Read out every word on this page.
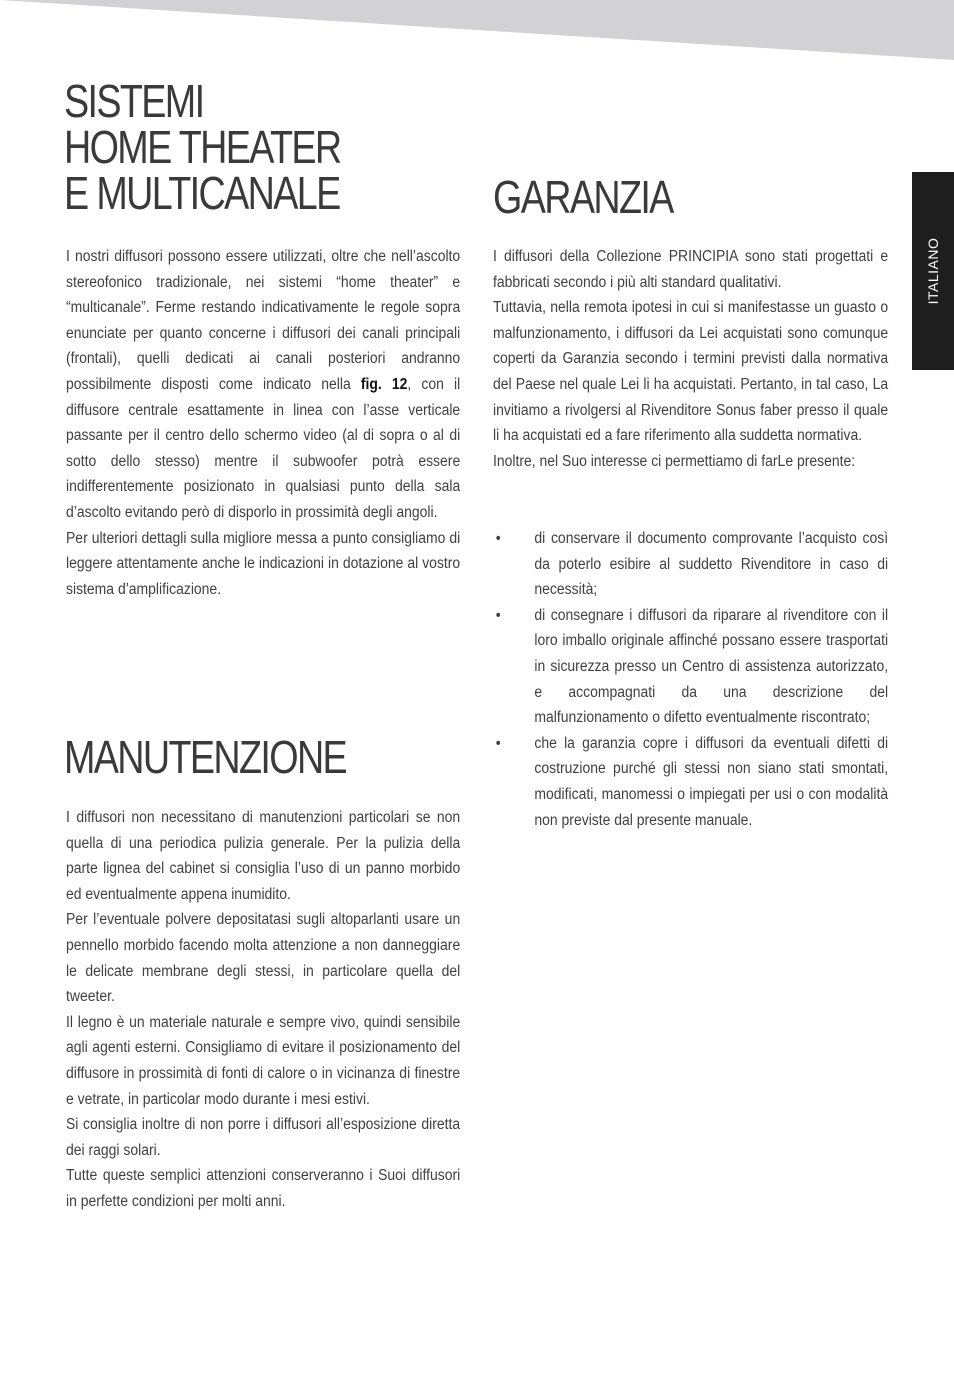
ITALIANO
SISTEMI
HOME THEATER
E MULTICANALE

I nostri diffusori possono essere utilizzati, oltre che nell’ascolto stereofonico tradizionale, nei sistemi “home theater” e “multicanale”. Ferme restando indicativamente le regole sopra enunciate per quanto concerne i diffusori dei canali principali (frontali), quelli dedicati ai canali posteriori andranno possibilmente disposti come indicato nella fig. 12, con il diffusore centrale esattamente in linea con l’asse verticale passante per il centro dello schermo video (al di sopra o al di sotto dello stesso) mentre il subwoofer potrà essere indifferentemente posizionato in qualsiasi punto della sala d’ascolto evitando però di disporlo in prossimità degli angoli.

Per ulteriori dettagli sulla migliore messa a punto consigliamo di leggere attentamente anche le indicazioni in dotazione al vostro sistema d’amplificazione.

MANUTENZIONE

I diffusori non necessitano di manutenzioni particolari se non quella di una periodica pulizia generale. Per la pulizia della parte lignea del cabinet si consiglia l’uso di un panno morbido ed eventualmente appena inumidito.

Per l’eventuale polvere depositatasi sugli altoparlanti usare un pennello morbido facendo molta attenzione a non danneggiare le delicate membrane degli stessi, in particolare quella del tweeter.

Il legno è un materiale naturale e sempre vivo, quindi sensibile agli agenti esterni. Consigliamo di evitare il posizionamento del diffusore in prossimità di fonti di calore o in vicinanza di finestre e vetrate, in particolar modo durante i mesi estivi.

Si consiglia inoltre di non porre i diffusori all’esposizione diretta dei raggi solari.

Tutte queste semplici attenzioni conserveranno i Suoi diffusori in perfette condizioni per molti anni.

GARANZIA

I diffusori della Collezione PRINCIPIA sono stati progettati e fabbricati secondo i più alti standard qualitativi.

Tuttavia, nella remota ipotesi in cui si manifestasse un guasto o malfunzionamento, i diffusori da Lei acquistati sono comunque coperti da Garanzia secondo i termini previsti dalla normativa del Paese nel quale Lei li ha acquistati. Pertanto, in tal caso, La invitiamo a rivolgersi al Rivenditore Sonus faber presso il quale li ha acquistati ed a fare riferimento alla suddetta normativa.

Inoltre, nel Suo interesse ci permettiamo di farLe presente:

• di conservare il documento comprovante l’acquisto così da poterlo esibire al suddetto Rivenditore in caso di necessità;
• di consegnare i diffusori da riparare al rivenditore con il loro imballo originale affinché possano essere trasportati in sicurezza presso un Centro di assistenza autorizzato, e accompagnati da una descrizione del malfunzionamento o difetto eventualmente riscontrato;
• che la garanzia copre i diffusori da eventuali difetti di costruzione purché gli stessi non siano stati smontati, modificati, manomessi o impiegati per usi o con modalità non previste dal presente manuale.
